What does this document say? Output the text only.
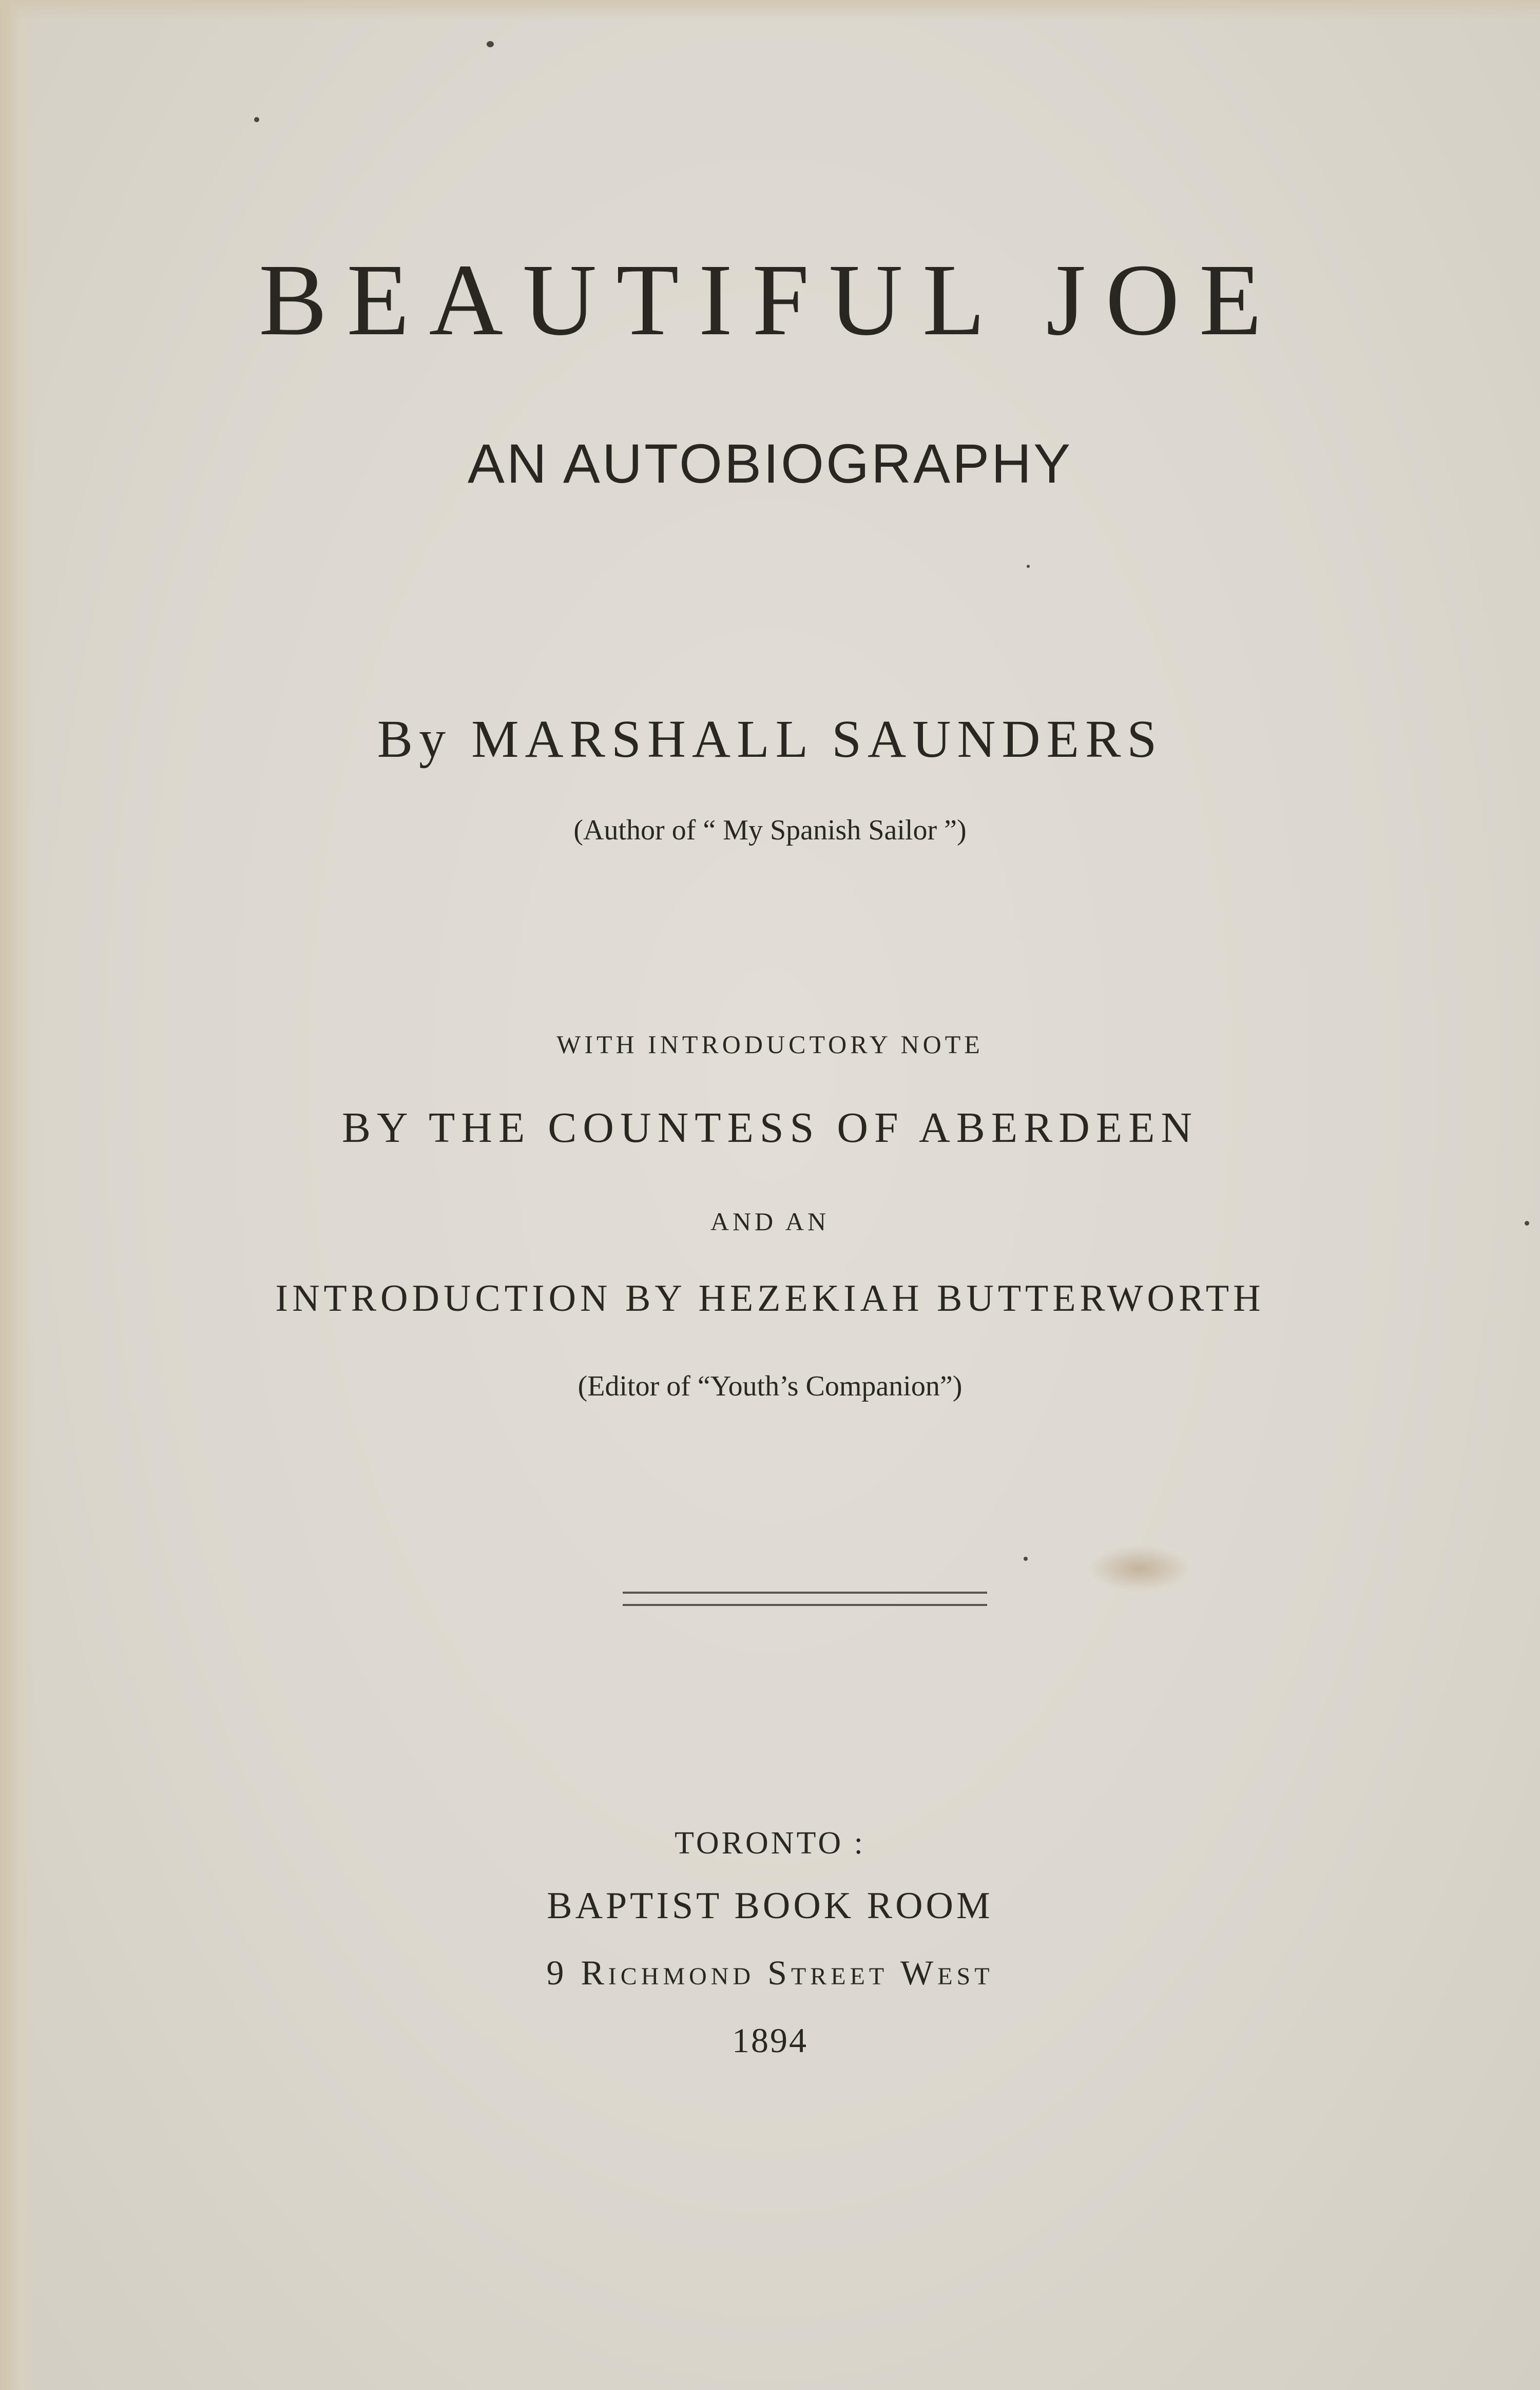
BEAUTIFUL JOE
AN AUTOBIOGRAPHY
By MARSHALL SAUNDERS
(Author of “ My Spanish Sailor ”)
WITH INTRODUCTORY NOTE
BY THE COUNTESS OF ABERDEEN
AND AN
INTRODUCTION BY HEZEKIAH BUTTERWORTH
(Editor of “Youth’s Companion”)
TORONTO :
BAPTIST BOOK ROOM
9 Richmond Street West
1894
